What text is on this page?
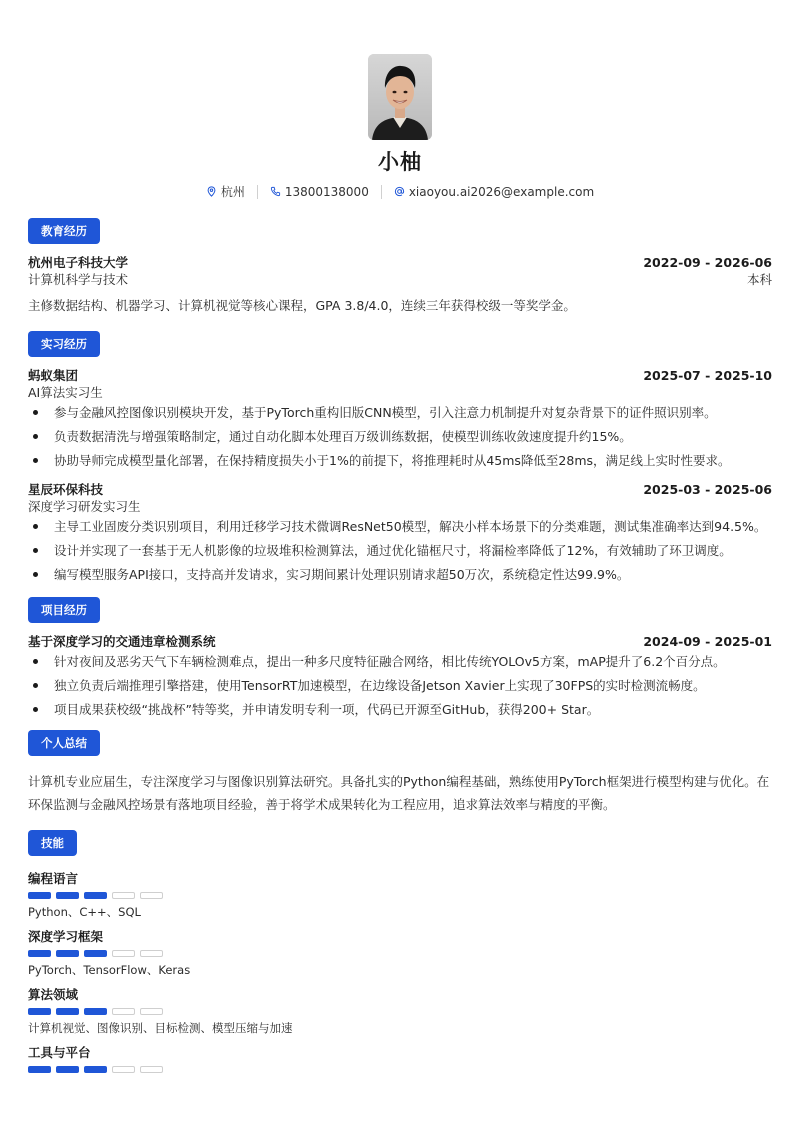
小柚
杭州	13800138000	xiaoyou.ai2026@example.com
教育经历
杭州电子科技大学	2022-09 - 2026-06
计算机科学与技术	本科
主修数据结构、机器学习、计算机视觉等核心课程，GPA 3.8/4.0，连续三年获得校级一等奖学金。
实习经历
蚂蚁集团	2025-07 - 2025-10
AI算法实习生
参与金融风控图像识别模块开发，基于PyTorch重构旧版CNN模型，引入注意力机制提升对复杂背景下的证件照识别率。
负责数据清洗与增强策略制定，通过自动化脚本处理百万级训练数据，使模型训练收敛速度提升约15%。
协助导师完成模型量化部署，在保持精度损失小于1%的前提下，将推理耗时从45ms降低至28ms，满足线上实时性要求。
星辰环保科技	2025-03 - 2025-06
深度学习研发实习生
主导工业固废分类识别项目，利用迁移学习技术微调ResNet50模型，解决小样本场景下的分类难题，测试集准确率达到94.5%。
设计并实现了一套基于无人机影像的垃圾堆积检测算法，通过优化锚框尺寸，将漏检率降低了12%，有效辅助了环卫调度。
编写模型服务API接口，支持高并发请求，实习期间累计处理识别请求超50万次，系统稳定性达99.9%。
项目经历
基于深度学习的交通违章检测系统	2024-09 - 2025-01
针对夜间及恶劣天气下车辆检测难点，提出一种多尺度特征融合网络，相比传统YOLOv5方案，mAP提升了6.2个百分点。
独立负责后端推理引擎搭建，使用TensorRT加速模型，在边缘设备Jetson Xavier上实现了30FPS的实时检测流畅度。
项目成果获校级“挑战杯”特等奖，并申请发明专利一项，代码已开源至GitHub，获得200+ Star。
个人总结
计算机专业应届生，专注深度学习与图像识别算法研究。具备扎实的Python编程基础，熟练使用PyTorch框架进行模型构建与优化。在环保监测与金融风控场景有落地项目经验，善于将学术成果转化为工程应用，追求算法效率与精度的平衡。
技能
编程语言
Python、C++、SQL
深度学习框架
PyTorch、TensorFlow、Keras
算法领域
计算机视觉、图像识别、目标检测、模型压缩与加速
工具与平台
